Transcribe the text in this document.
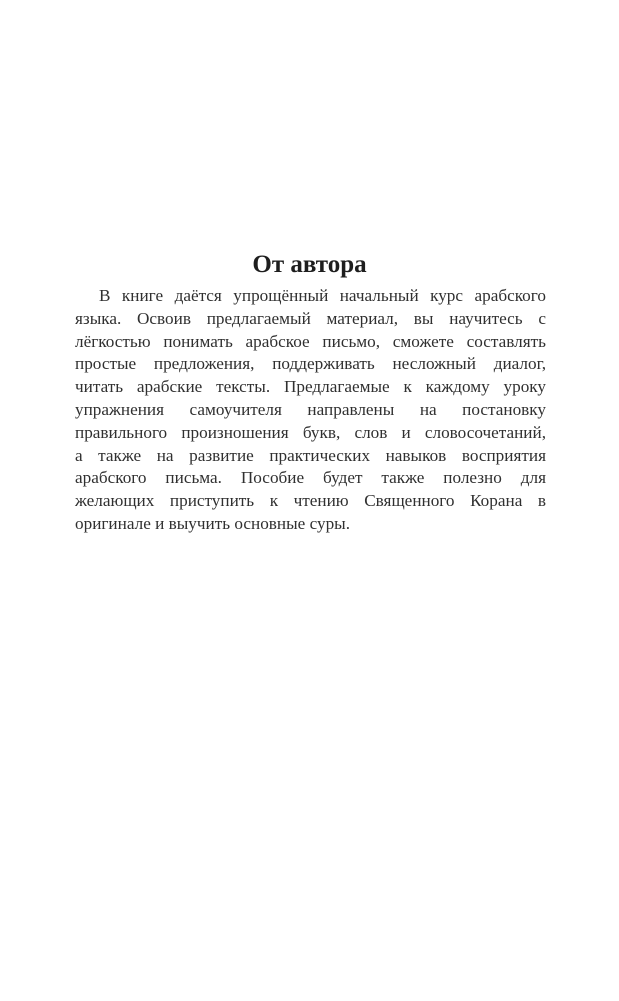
От автора
В книге даётся упрощённый начальный курс арабского
языка. Освоив предлагаемый материал, вы научитесь с
лёгкостью понимать арабское письмо, сможете составлять
простые предложения, поддерживать несложный диалог,
читать арабские тексты. Предлагаемые к каждому уроку
упражнения самоучителя направлены на постановку
правильного произношения букв, слов и словосочетаний,
а также на развитие практических навыков восприятия
арабского письма. Пособие будет также полезно для
желающих приступить к чтению Священного Корана в
оригинале и выучить основные суры.
